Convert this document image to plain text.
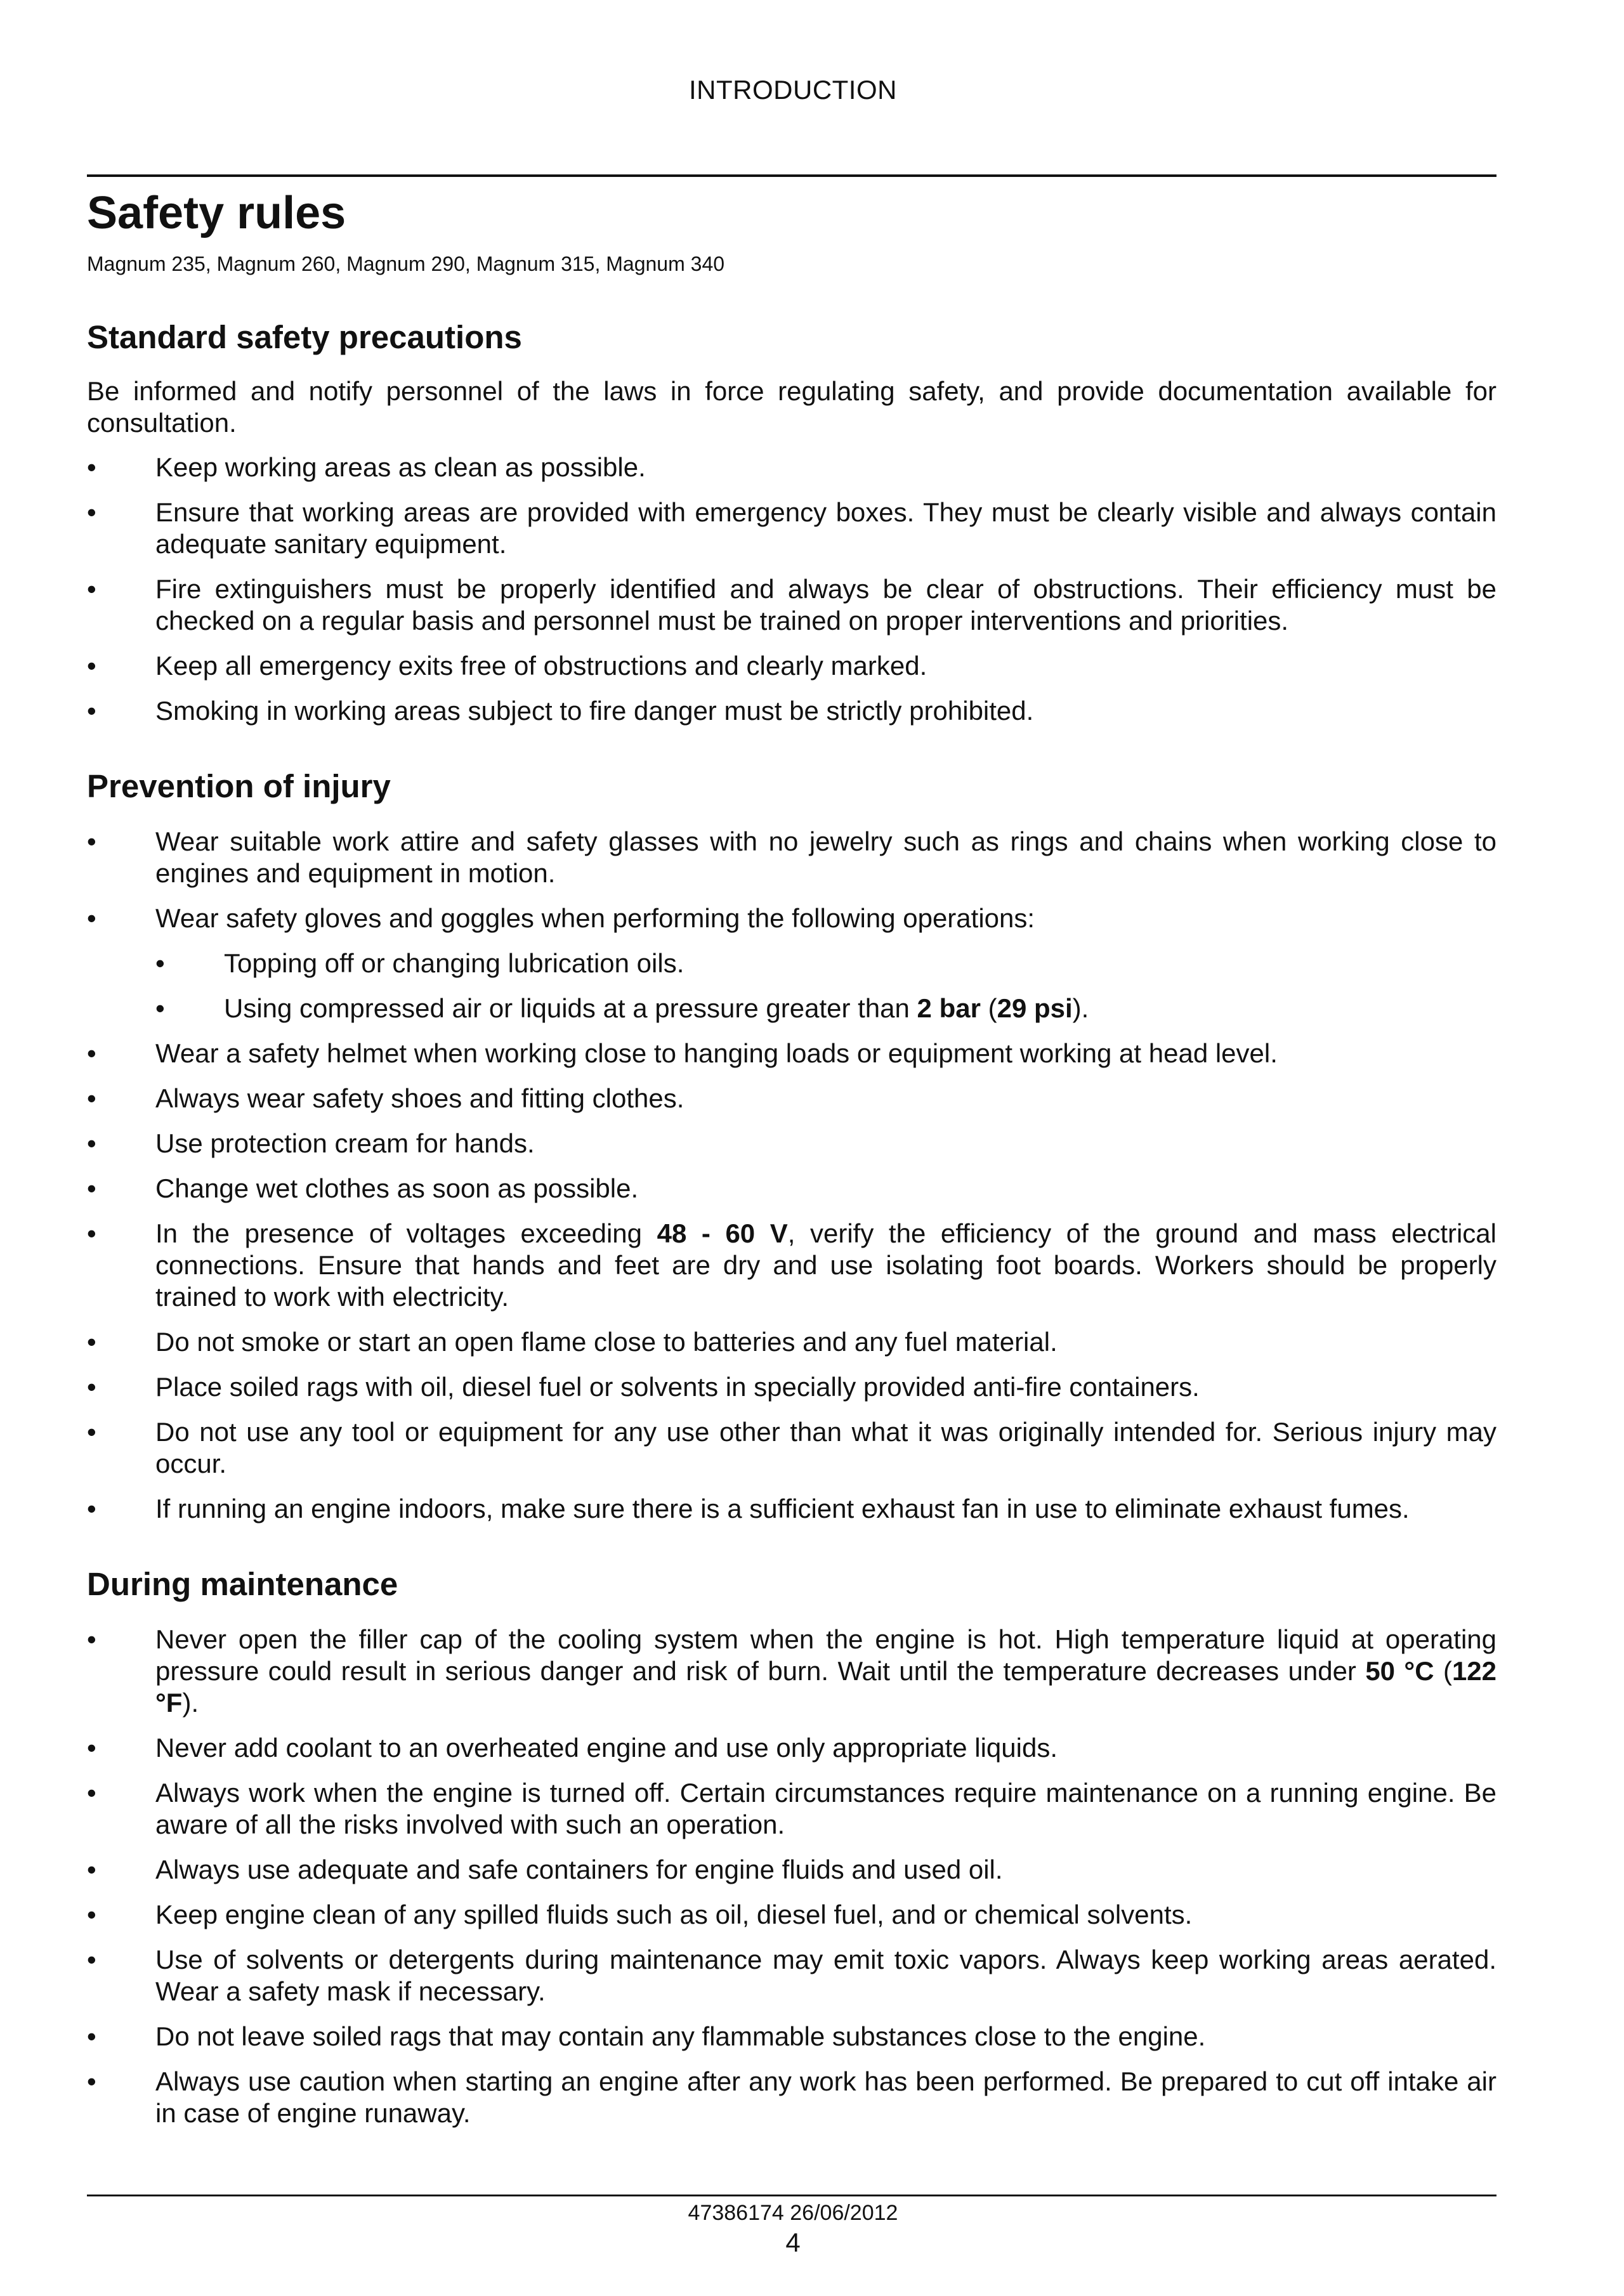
INTRODUCTION
Safety rules
Magnum 235, Magnum 260, Magnum 290, Magnum 315, Magnum 340
Standard safety precautions

Be informed and notify personnel of the laws in force regulating safety, and provide documentation available for consultation.

• Keep working areas as clean as possible.
• Ensure that working areas are provided with emergency boxes. They must be clearly visible and always contain adequate sanitary equipment.
• Fire extinguishers must be properly identified and always be clear of obstructions. Their efficiency must be checked on a regular basis and personnel must be trained on proper interventions and priorities.
• Keep all emergency exits free of obstructions and clearly marked.
• Smoking in working areas subject to fire danger must be strictly prohibited.
Prevention of injury
• Wear suitable work attire and safety glasses with no jewelry such as rings and chains when working close to engines and equipment in motion.
• Wear safety gloves and goggles when performing the following operations:
• Topping off or changing lubrication oils.
• Using compressed air or liquids at a pressure greater than 2 bar (29 psi).
• Wear a safety helmet when working close to hanging loads or equipment working at head level.
• Always wear safety shoes and fitting clothes.
• Use protection cream for hands.
• Change wet clothes as soon as possible.
• In the presence of voltages exceeding 48 - 60 V, verify the efficiency of the ground and mass electrical connections. Ensure that hands and feet are dry and use isolating foot boards. Workers should be properly trained to work with electricity.
• Do not smoke or start an open flame close to batteries and any fuel material.
• Place soiled rags with oil, diesel fuel or solvents in specially provided anti-fire containers.
• Do not use any tool or equipment for any use other than what it was originally intended for. Serious injury may occur.
• If running an engine indoors, make sure there is a sufficient exhaust fan in use to eliminate exhaust fumes.
During maintenance
• Never open the filler cap of the cooling system when the engine is hot. High temperature liquid at operating pressure could result in serious danger and risk of burn. Wait until the temperature decreases under 50 °C (122 °F).
• Never add coolant to an overheated engine and use only appropriate liquids.
• Always work when the engine is turned off. Certain circumstances require maintenance on a running engine. Be aware of all the risks involved with such an operation.
• Always use adequate and safe containers for engine fluids and used oil.
• Keep engine clean of any spilled fluids such as oil, diesel fuel, and or chemical solvents.
• Use of solvents or detergents during maintenance may emit toxic vapors. Always keep working areas aerated. Wear a safety mask if necessary.
• Do not leave soiled rags that may contain any flammable substances close to the engine.
• Always use caution when starting an engine after any work has been performed. Be prepared to cut off intake air in case of engine runaway.
47386174 26/06/2012
4
